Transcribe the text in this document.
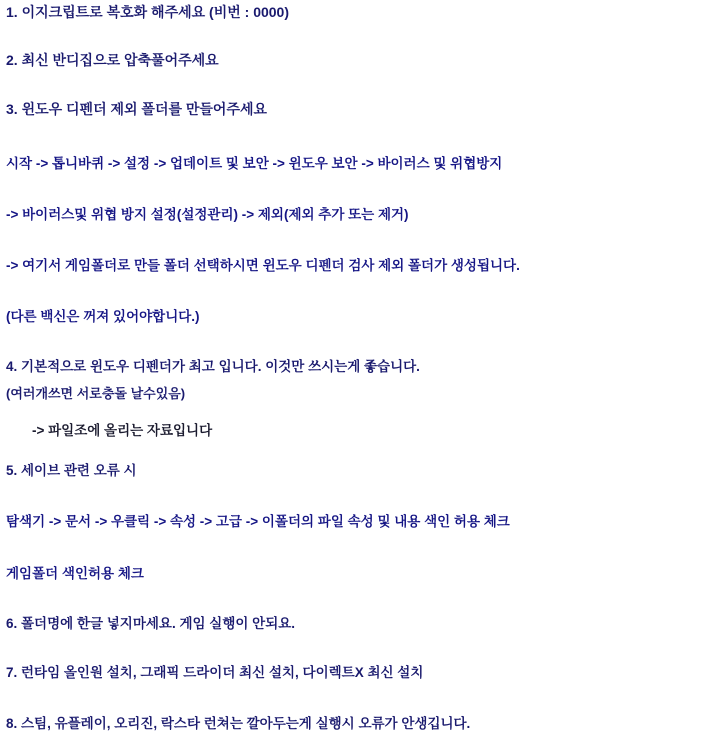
1. 이지크립트로 복호화 해주세요 (비번 : 0000)
2. 최신 반디집으로 압축풀어주세요
3. 윈도우 디펜더 제외 폴더를 만들어주세요
시작 -> 톱니바퀴 -> 설정 -> 업데이트 및 보안 -> 윈도우 보안 -> 바이러스 및 위협방지
-> 바이러스및 위협 방지 설정(설정관리) -> 제외(제외 추가 또는 제거)
-> 여기서 게임폴더로 만들 폴더 선택하시면 윈도우 디펜더 검사 제외 폴더가 생성됩니다.
(다른 백신은 꺼져 있어야합니다.)
4. 기본적으로 윈도우 디펜더가 최고 입니다. 이것만 쓰시는게 좋습니다.
(여러개쓰면 서로충돌 날수있음)
-> 파일조에 올리는 자료입니다
5. 세이브 관련 오류 시
탐색기 -> 문서 -> 우클릭 -> 속성 -> 고급 -> 이폴더의 파일 속성 및 내용 색인 허용 체크
게임폴더 색인허용 체크
6. 폴더명에 한글 넣지마세요. 게임 실행이 안되요.
7. 런타임 올인원 설치, 그래픽 드라이더 최신 설치, 다이렉트X 최신 설치
8. 스팀, 유플레이, 오리진, 락스타 런쳐는 깔아두는게 실행시 오류가 안생깁니다.
